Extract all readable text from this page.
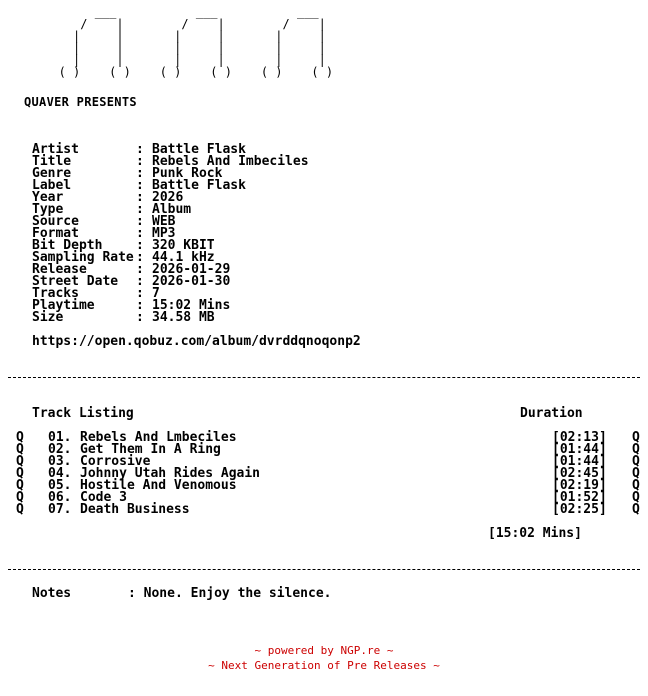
___           ___           ___
/    |        /    |        /    |
|     |       |     |       |     |
|     |       |     |       |     |
|     |       |     |       |     |
( )    ( )    ( )    ( )    ( )    ( )

QUAVER PRESENTS

Artist	: Battle Flask
Title	: Rebels And Imbeciles
Genre	: Punk Rock
Label	: Battle Flask
Year	: 2026
Type	: Album
Source	: WEB
Format	: MP3
Bit Depth	: 320 KBIT
Sampling Rate : 44.1 kHz
Release	: 2026-01-29
Street Date : 2026-01-30
Tracks	: 7
Playtime	: 15:02 Mins
Size	: 34.58 MB

https://open.qobuz.com/album/dvrddqnoqonp2

Track Listing

	Duration

Q 01. Rebels And Lmbeciles	[02:13] Q
Q 02. Get Them In A Ring	[01:44] Q
Q 03. Corrosive	[01:44] Q
Q 04. Johnny Utah Rides Again	[02:45] Q
Q 05. Hostile And Venomous	[02:19] Q
Q 06. Code 3	[01:52] Q
Q 07. Death Business	[02:25] Q

[15:02 Mins]

Notes

	: None. Enjoy the silence.

~ powered by NGP.re ~

~ Next Generation of Pre Releases ~
